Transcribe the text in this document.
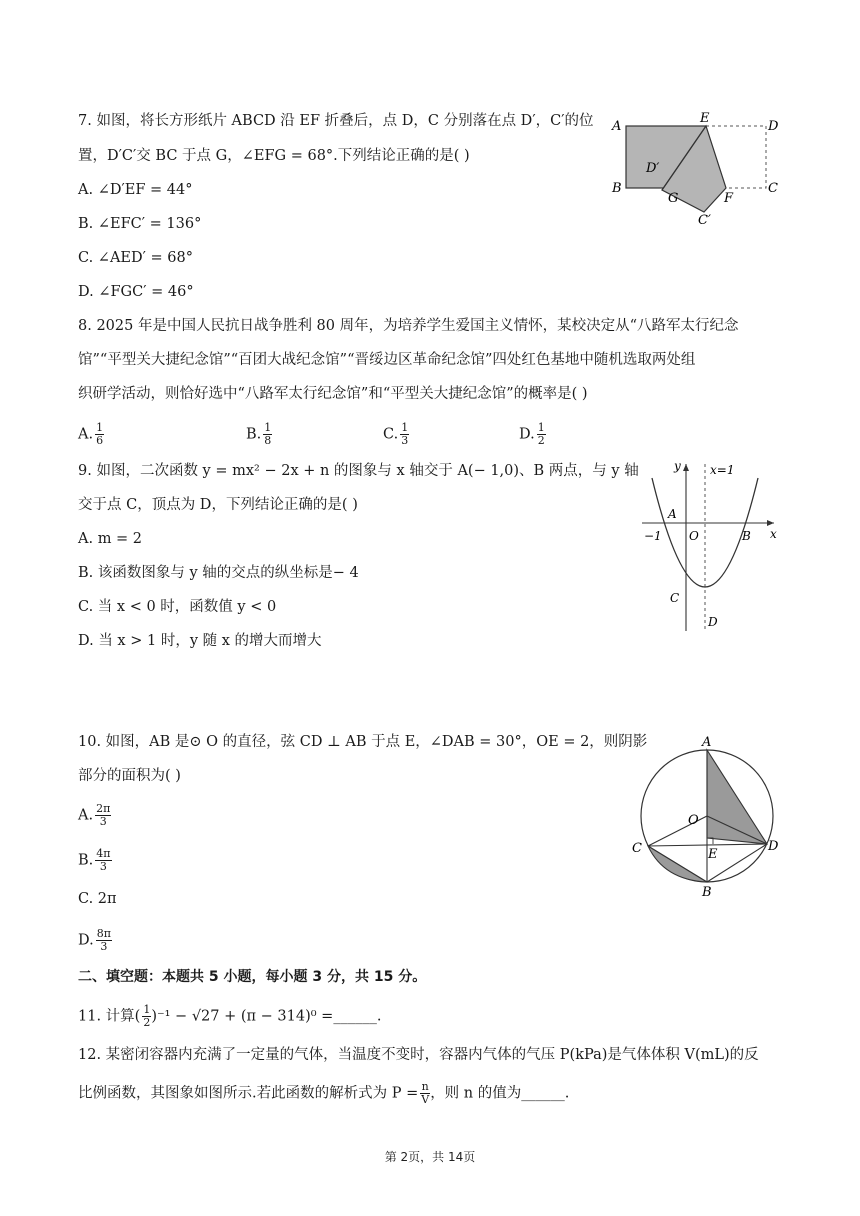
7. 如图，将长方形纸片 ABCD 沿 EF 折叠后，点 D，C 分别落在点 D′，C′的位
置，D′C′交 BC 于点 G，∠EFG = 68°.下列结论正确的是( )
A. ∠D′EF = 44°
B. ∠EFC′ = 136°
C. ∠AED′ = 68°
D. ∠FGC′ = 46°
A
E
D
D′
B
G	F
C
C′
8. 2025 年是中国人民抗日战争胜利 80 周年，为培养学生爱国主义情怀，某校决定从“八路军太行纪念
馆”“平型关大捷纪念馆”“百团大战纪念馆”“晋绥边区革命纪念馆”四处红色基地中随机选取两处组
织研学活动，则恰好选中“八路军太行纪念馆”和“平型关大捷纪念馆”的概率是( )
A. $\frac{1}{6}$	B. $\frac{1}{8}$	C. $\frac{1}{3}$	D. $\frac{1}{2}$
9. 如图，二次函数 y = mx² − 2x + n 的图象与 x 轴交于 A(− 1,0)、B 两点，与 y 轴
交于点 C，顶点为 D，下列结论正确的是( )
A. m = 2
B. 该函数图象与 y 轴的交点的纵坐标是− 4
C. 当 x < 0 时，函数值 y < 0
D. 当 x > 1 时，y 随 x 的增大而增大
y x=1
A
−1 O	B x
C
D
10. 如图，AB 是⊙ O 的直径，弦 CD ⊥ AB 于点 E，∠DAB = 30°，OE = 2，则阴影
部分的面积为( )
A. $\frac{2\pi}{3}$
B. $\frac{4\pi}{3}$
C. 2π
D. $\frac{8\pi}{3}$
A
O
C	E
D
B
二、填空题：本题共 5 小题，每小题 3 分，共 15 分。
11. 计算( $\frac{1}{2} )^{-1} - √27 + (\pi - 314)^0$ =______.
12. 某密闭容器内充满了一定量的气体，当温度不变时，容器内气体的气压 P(kPa)是气体体积 V(mL)的反
比例函数，其图象如图所示.若此函数的解析式为 $P = \frac{n}{V}$ ，则 n 的值为______.
第 2页，共 14页
